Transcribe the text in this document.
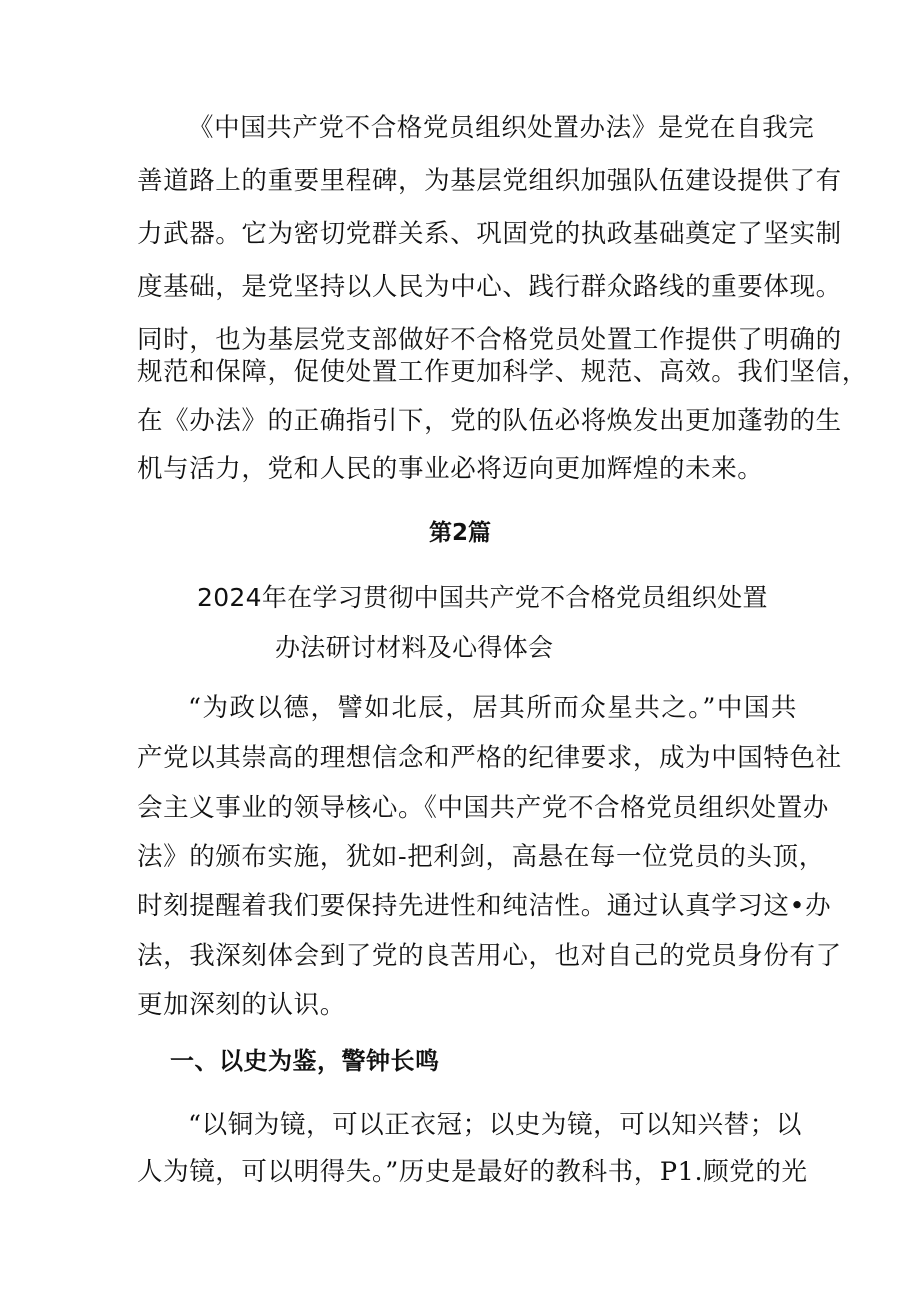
《中国共产党不合格党员组织处置办法》是党在自我完

善道路上的重要里程碑，为基层党组织加强队伍建设提供了有

力武器。它为密切党群关系、巩固党的执政基础奠定了坚实制

度基础，是党坚持以人民为中心、践行群众路线的重要体现。

同时，也为基层党支部做好不合格党员处置工作提供了明确的

规范和保障，促使处置工作更加科学、规范、高效。我们坚信，

在《办法》的正确指引下，党的队伍必将焕发出更加蓬勃的生

机与活力，党和人民的事业必将迈向更加辉煌的未来。

第2篇
2024年在学习贯彻中国共产党不合格党员组织处置
办法研讨材料及心得体会

“为政以德，譬如北辰，居其所而众星共之。”中国共

产党以其崇高的理想信念和严格的纪律要求，成为中国特色社

会主义事业的领导核心。《中国共产党不合格党员组织处置办

法》的颁布实施，犹如-把利剑，高悬在每一位党员的头顶，

时刻提醒着我们要保持先进性和纯洁性。通过认真学习这•办

法，我深刻体会到了党的良苦用心，也对自己的党员身份有了

更加深刻的认识。

一、以史为鉴，警钟长鸣

“以铜为镜，可以正衣冠；以史为镜，可以知兴替；以

人为镜，可以明得失。”历史是最好的教科书，P1.顾党的光
